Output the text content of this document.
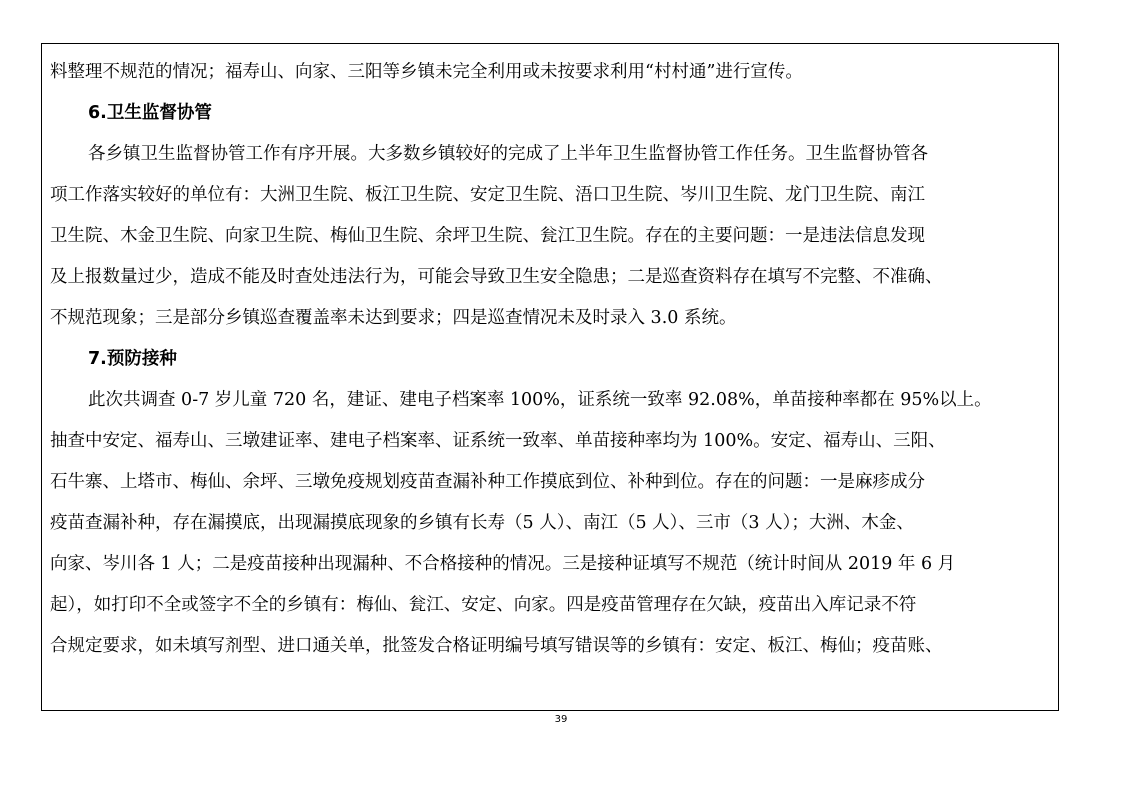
料整理不规范的情况；福寿山、向家、三阳等乡镇未完全利用或未按要求利用“村村通”进行宣传。
6.卫生监督协管
各乡镇卫生监督协管工作有序开展。大多数乡镇较好的完成了上半年卫生监督协管工作任务。卫生监督协管各
项工作落实较好的单位有：大洲卫生院、板江卫生院、安定卫生院、浯口卫生院、岑川卫生院、龙门卫生院、南江
卫生院、木金卫生院、向家卫生院、梅仙卫生院、余坪卫生院、瓮江卫生院。存在的主要问题：一是违法信息发现
及上报数量过少，造成不能及时查处违法行为，可能会导致卫生安全隐患；二是巡查资料存在填写不完整、不准确、
不规范现象；三是部分乡镇巡查覆盖率未达到要求；四是巡查情况未及时录入 3.0 系统。
7.预防接种
此次共调查 0-7 岁儿童 720 名，建证、建电子档案率 100%，证系统一致率 92.08%，单苗接种率都在 95%以上。
抽查中安定、福寿山、三墩建证率、建电子档案率、证系统一致率、单苗接种率均为 100%。安定、福寿山、三阳、
石牛寨、上塔市、梅仙、余坪、三墩免疫规划疫苗查漏补种工作摸底到位、补种到位。存在的问题：一是麻疹成分
疫苗查漏补种，存在漏摸底，出现漏摸底现象的乡镇有长寿（5 人）、南江（5 人）、三市（3 人）；大洲、木金、
向家、岑川各 1 人；二是疫苗接种出现漏种、不合格接种的情况。三是接种证填写不规范（统计时间从 2019 年 6 月
起），如打印不全或签字不全的乡镇有：梅仙、瓮江、安定、向家。四是疫苗管理存在欠缺，疫苗出入库记录不符
合规定要求，如未填写剂型、进口通关单，批签发合格证明编号填写错误等的乡镇有：安定、板江、梅仙；疫苗账、
39
